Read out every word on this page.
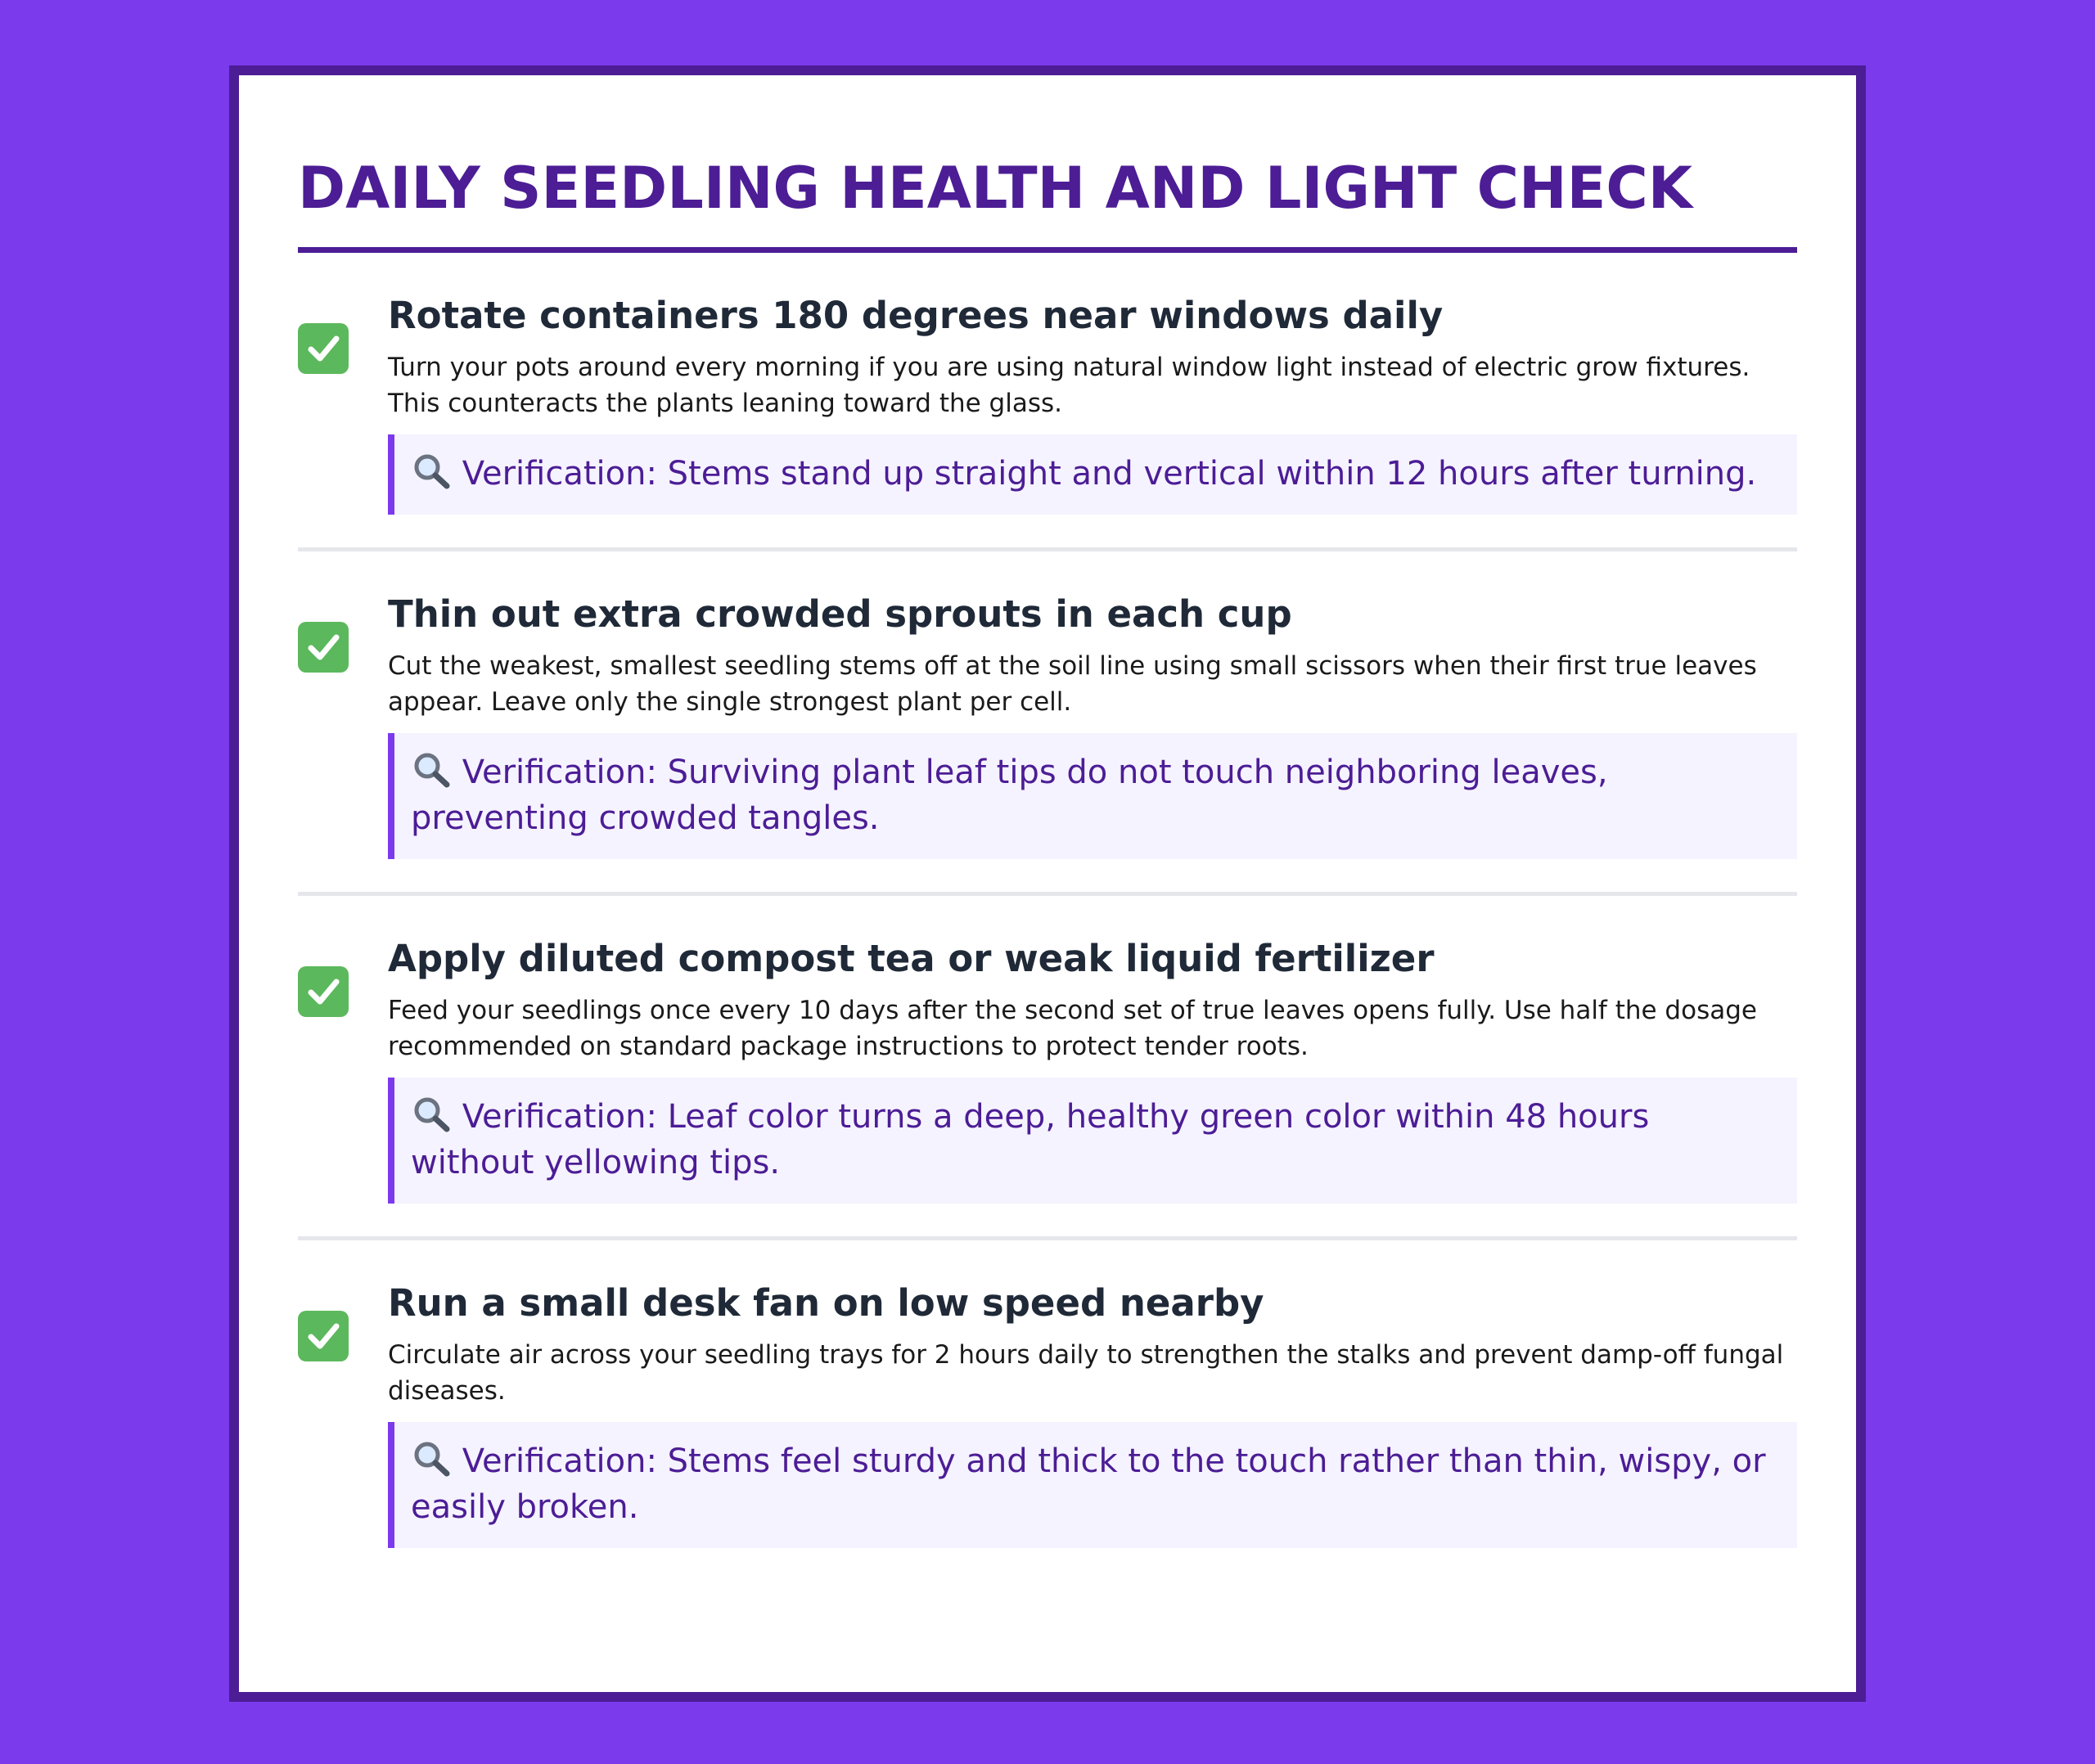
DAILY SEEDLING HEALTH AND LIGHT CHECK
Rotate containers 180 degrees near windows daily

Turn your pots around every morning if you are using natural window light instead of electric grow fixtures. This counteracts the plants leaning toward the glass.

Verification: Stems stand up straight and vertical within 12 hours after turning.
Thin out extra crowded sprouts in each cup

Cut the weakest, smallest seedling stems off at the soil line using small scissors when their first true leaves appear. Leave only the single strongest plant per cell.

Verification: Surviving plant leaf tips do not touch neighboring leaves, preventing crowded tangles.
Apply diluted compost tea or weak liquid fertilizer

Feed your seedlings once every 10 days after the second set of true leaves opens fully. Use half the dosage recommended on standard package instructions to protect tender roots.

Verification: Leaf color turns a deep, healthy green color within 48 hours without yellowing tips.
Run a small desk fan on low speed nearby

Circulate air across your seedling trays for 2 hours daily to strengthen the stalks and prevent damp-off fungal diseases.

Verification: Stems feel sturdy and thick to the touch rather than thin, wispy, or easily broken.
